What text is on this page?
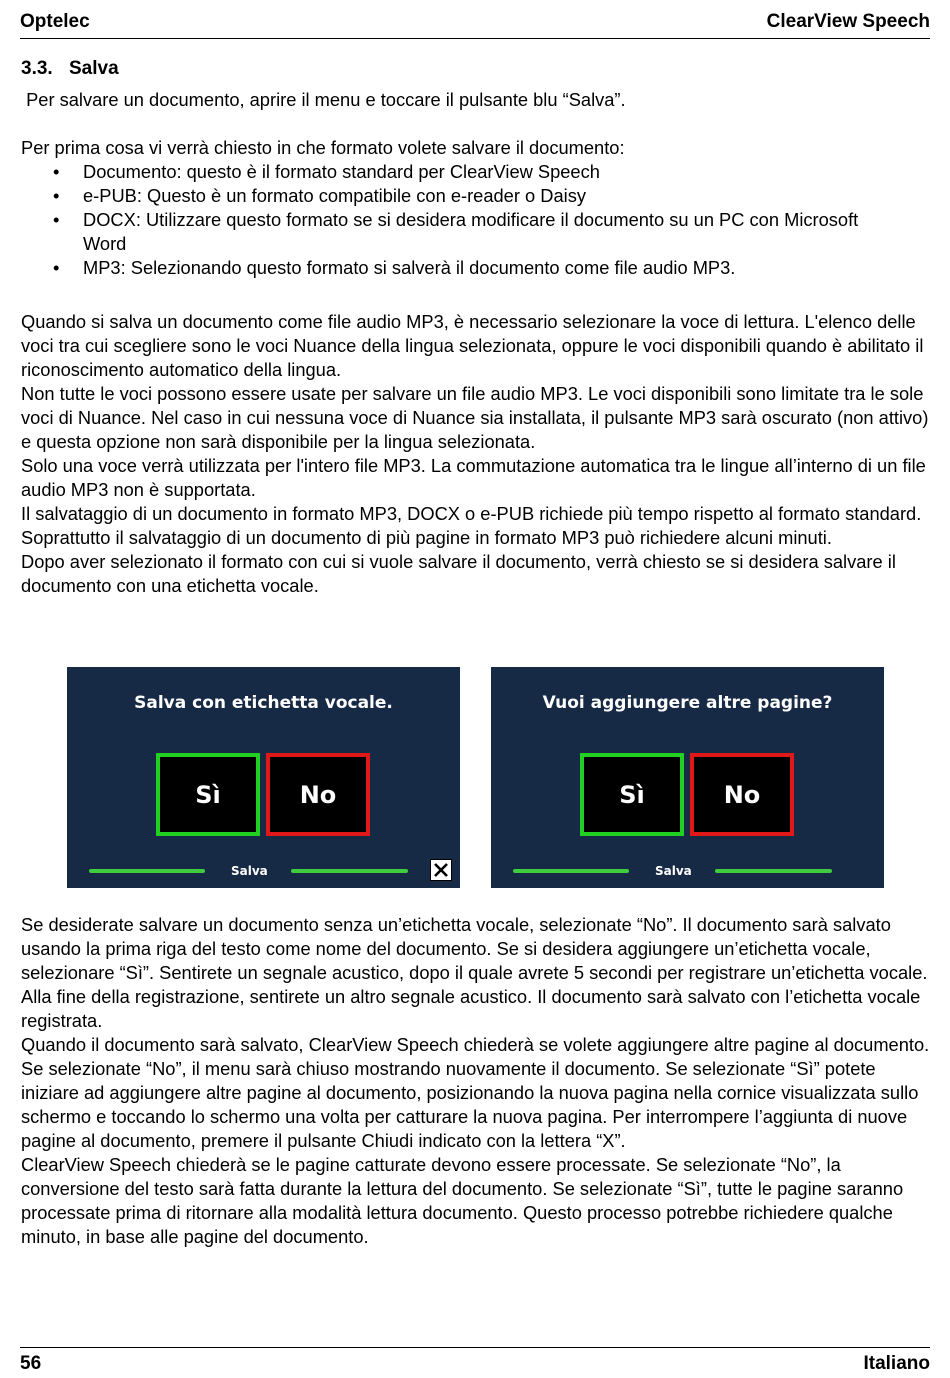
Optelec	ClearView Speech
3.3. Salva

Per salvare un documento, aprire il menu e toccare il pulsante blu “Salva”.

Per prima cosa vi verrà chiesto in che formato volete salvare il documento:

• Documento: questo è il formato standard per ClearView Speech
• e-PUB: Questo è un formato compatibile con e-reader o Daisy
• DOCX: Utilizzare questo formato se si desidera modificare il documento su un PC con Microsoft Word
• MP3: Selezionando questo formato si salverà il documento come file audio MP3.

Quando si salva un documento come file audio MP3, è necessario selezionare la voce di lettura. L'elenco delle voci tra cui scegliere sono le voci Nuance della lingua selezionata, oppure le voci disponibili quando è abilitato il riconoscimento automatico della lingua.

Non tutte le voci possono essere usate per salvare un file audio MP3. Le voci disponibili sono limitate tra le sole voci di Nuance. Nel caso in cui nessuna voce di Nuance sia installata, il pulsante MP3 sarà oscurato (non attivo) e questa opzione non sarà disponibile per la lingua selezionata.

Solo una voce verrà utilizzata per l'intero file MP3. La commutazione automatica tra le lingue all’interno di un file audio MP3 non è supportata.

Il salvataggio di un documento in formato MP3, DOCX o e-PUB richiede più tempo rispetto al formato standard. Soprattutto il salvataggio di un documento di più pagine in formato MP3 può richiedere alcuni minuti.

Dopo aver selezionato il formato con cui si vuole salvare il documento, verrà chiesto se si desidera salvare il documento con una etichetta vocale.

Salva con etichetta vocale.
Sì	No
Salva
Vuoi aggiungere altre pagine?
Sì	No
Salva

Se desiderate salvare un documento senza un’etichetta vocale, selezionate “No”. Il documento sarà salvato usando la prima riga del testo come nome del documento. Se si desidera aggiungere un’etichetta vocale, selezionare “Sì”. Sentirete un segnale acustico, dopo il quale avrete 5 secondi per registrare un’etichetta vocale. Alla fine della registrazione, sentirete un altro segnale acustico. Il documento sarà salvato con l’etichetta vocale registrata.

Quando il documento sarà salvato, ClearView Speech chiederà se volete aggiungere altre pagine al documento.

Se selezionate “No”, il menu sarà chiuso mostrando nuovamente il documento. Se selezionate “Sì” potete iniziare ad aggiungere altre pagine al documento, posizionando la nuova pagina nella cornice visualizzata sullo schermo e toccando lo schermo una volta per catturare la nuova pagina. Per interrompere l’aggiunta di nuove pagine al documento, premere il pulsante Chiudi indicato con la lettera “X”.

ClearView Speech chiederà se le pagine catturate devono essere processate. Se selezionate “No”, la conversione del testo sarà fatta durante la lettura del documento. Se selezionate “Sì”, tutte le pagine saranno processate prima di ritornare alla modalità lettura documento. Questo processo potrebbe richiedere qualche minuto, in base alle pagine del documento.

56	Italiano
